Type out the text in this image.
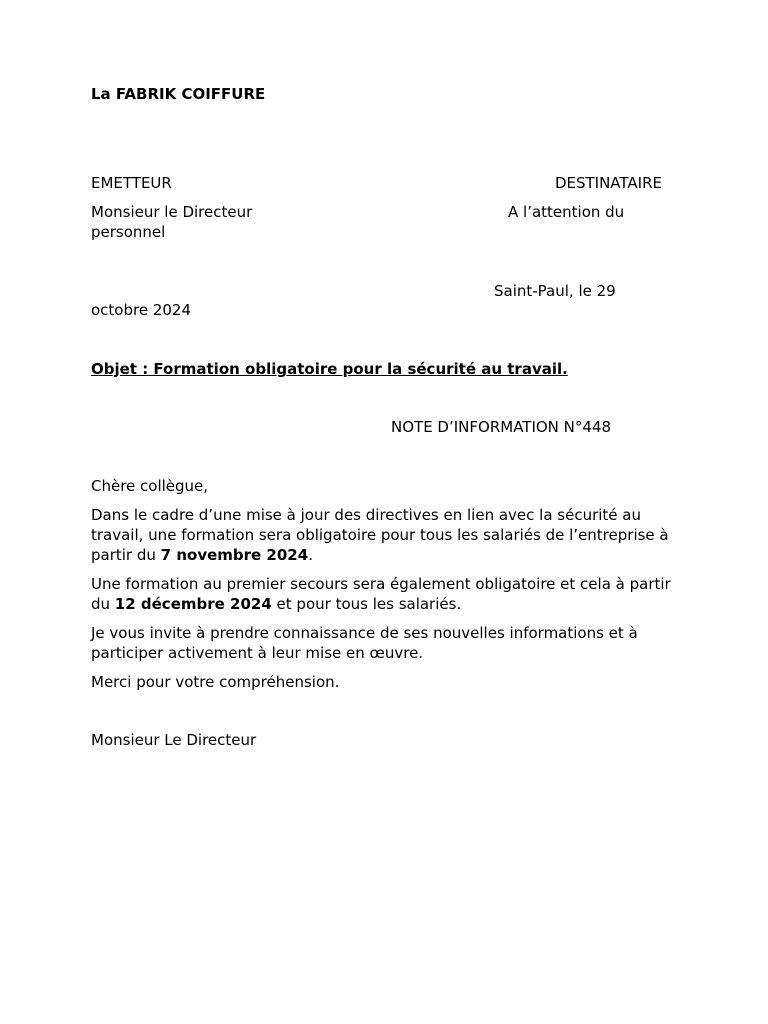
La FABRIK COIFFURE
EMETTEUR	DESTINATAIRE
Monsieur le Directeur	A l’attention du
personnel
Saint-Paul, le 29
octobre 2024
Objet : Formation obligatoire pour la sécurité au travail.
NOTE D’INFORMATION N°448

Chère collègue,

Dans le cadre d’une mise à jour des directives en lien avec la sécurité au travail, une formation sera obligatoire pour tous les salariés de l’entreprise à partir du 7 novembre 2024.

Une formation au premier secours sera également obligatoire et cela à partir du 12 décembre 2024 et pour tous les salariés.

Je vous invite à prendre connaissance de ses nouvelles informations et à participer activement à leur mise en œuvre.

Merci pour votre compréhension.

Monsieur Le Directeur
